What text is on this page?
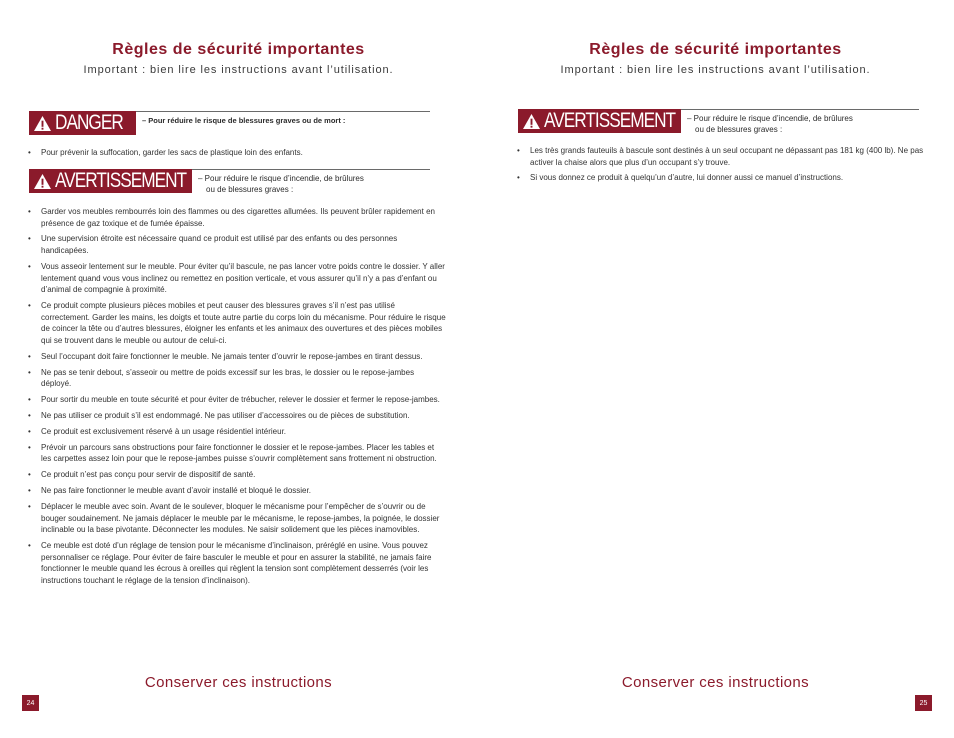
Règles de sécurité importantes

Important : bien lire les instructions avant l’utilisation.

DANGER	– Pour réduire le risque de blessures graves ou de mort :
• Pour prévenir la suffocation, garder les sacs de plastique loin des enfants.
AVERTISSEMENT – Pour réduire le risque d’incendie, de brûlures
ou de blessures graves :
• Garder vos meubles rembourrés loin des flammes ou des cigarettes allumées. Ils peuvent brûler rapidement en présence de gaz toxique et de fumée épaisse.
• Une supervision étroite est nécessaire quand ce produit est utilisé par des enfants ou des personnes handicapées.
• Vous asseoir lentement sur le meuble. Pour éviter qu’il bascule, ne pas lancer votre poids contre le dossier. Y aller lentement quand vous vous inclinez ou remettez en position verticale, et vous assurer qu’il n’y a pas d’enfant ou d’animal de compagnie à proximité.
• Ce produit compte plusieurs pièces mobiles et peut causer des blessures graves s’il n’est pas utilisé correctement. Garder les mains, les doigts et toute autre partie du corps loin du mécanisme. Pour réduire le risque de coincer la tête ou d’autres blessures, éloigner les enfants et les animaux des ouvertures et des pièces mobiles qui se trouvent dans le meuble ou autour de celui-ci.
• Seul l’occupant doit faire fonctionner le meuble. Ne jamais tenter d’ouvrir le repose-jambes en tirant dessus.
• Ne pas se tenir debout, s’asseoir ou mettre de poids excessif sur les bras, le dossier ou le repose-jambes déployé.
• Pour sortir du meuble en toute sécurité et pour éviter de trébucher, relever le dossier et fermer le repose-jambes.
• Ne pas utiliser ce produit s’il est endommagé. Ne pas utiliser d’accessoires ou de pièces de substitution.
• Ce produit est exclusivement réservé à un usage résidentiel intérieur.
• Prévoir un parcours sans obstructions pour faire fonctionner le dossier et le repose-jambes. Placer les tables et les carpettes assez loin pour que le repose-jambes puisse s’ouvrir complètement sans frottement ni obstruction.
• Ce produit n’est pas conçu pour servir de dispositif de santé.
• Ne pas faire fonctionner le meuble avant d’avoir installé et bloqué le dossier.
• Déplacer le meuble avec soin. Avant de le soulever, bloquer le mécanisme pour l’empêcher de s’ouvrir ou de bouger soudainement. Ne jamais déplacer le meuble par le mécanisme, le repose-jambes, la poignée, le dossier inclinable ou la base pivotante. Déconnecter les modules. Ne saisir solidement que les pièces inamovibles.
• Ce meuble est doté d’un réglage de tension pour le mécanisme d’inclinaison, préréglé en usine. Vous pouvez personnaliser ce réglage. Pour éviter de faire basculer le meuble et pour en assurer la stabilité, ne jamais faire fonctionner le meuble quand les écrous à oreilles qui règlent la tension sont complètement desserrés (voir les instructions touchant le réglage de la tension d’inclinaison).

Conserver ces instructions

24
Règles de sécurité importantes

Important : bien lire les instructions avant l’utilisation.

AVERTISSEMENT – Pour réduire le risque d’incendie, de brûlures
ou de blessures graves :
• Les très grands fauteuils à bascule sont destinés à un seul occupant ne dépassant pas 181 kg (400 lb). Ne pas activer la chaise alors que plus d’un occupant s’y trouve.
• Si vous donnez ce produit à quelqu’un d’autre, lui donner aussi ce manuel d’instructions.

Conserver ces instructions

25
